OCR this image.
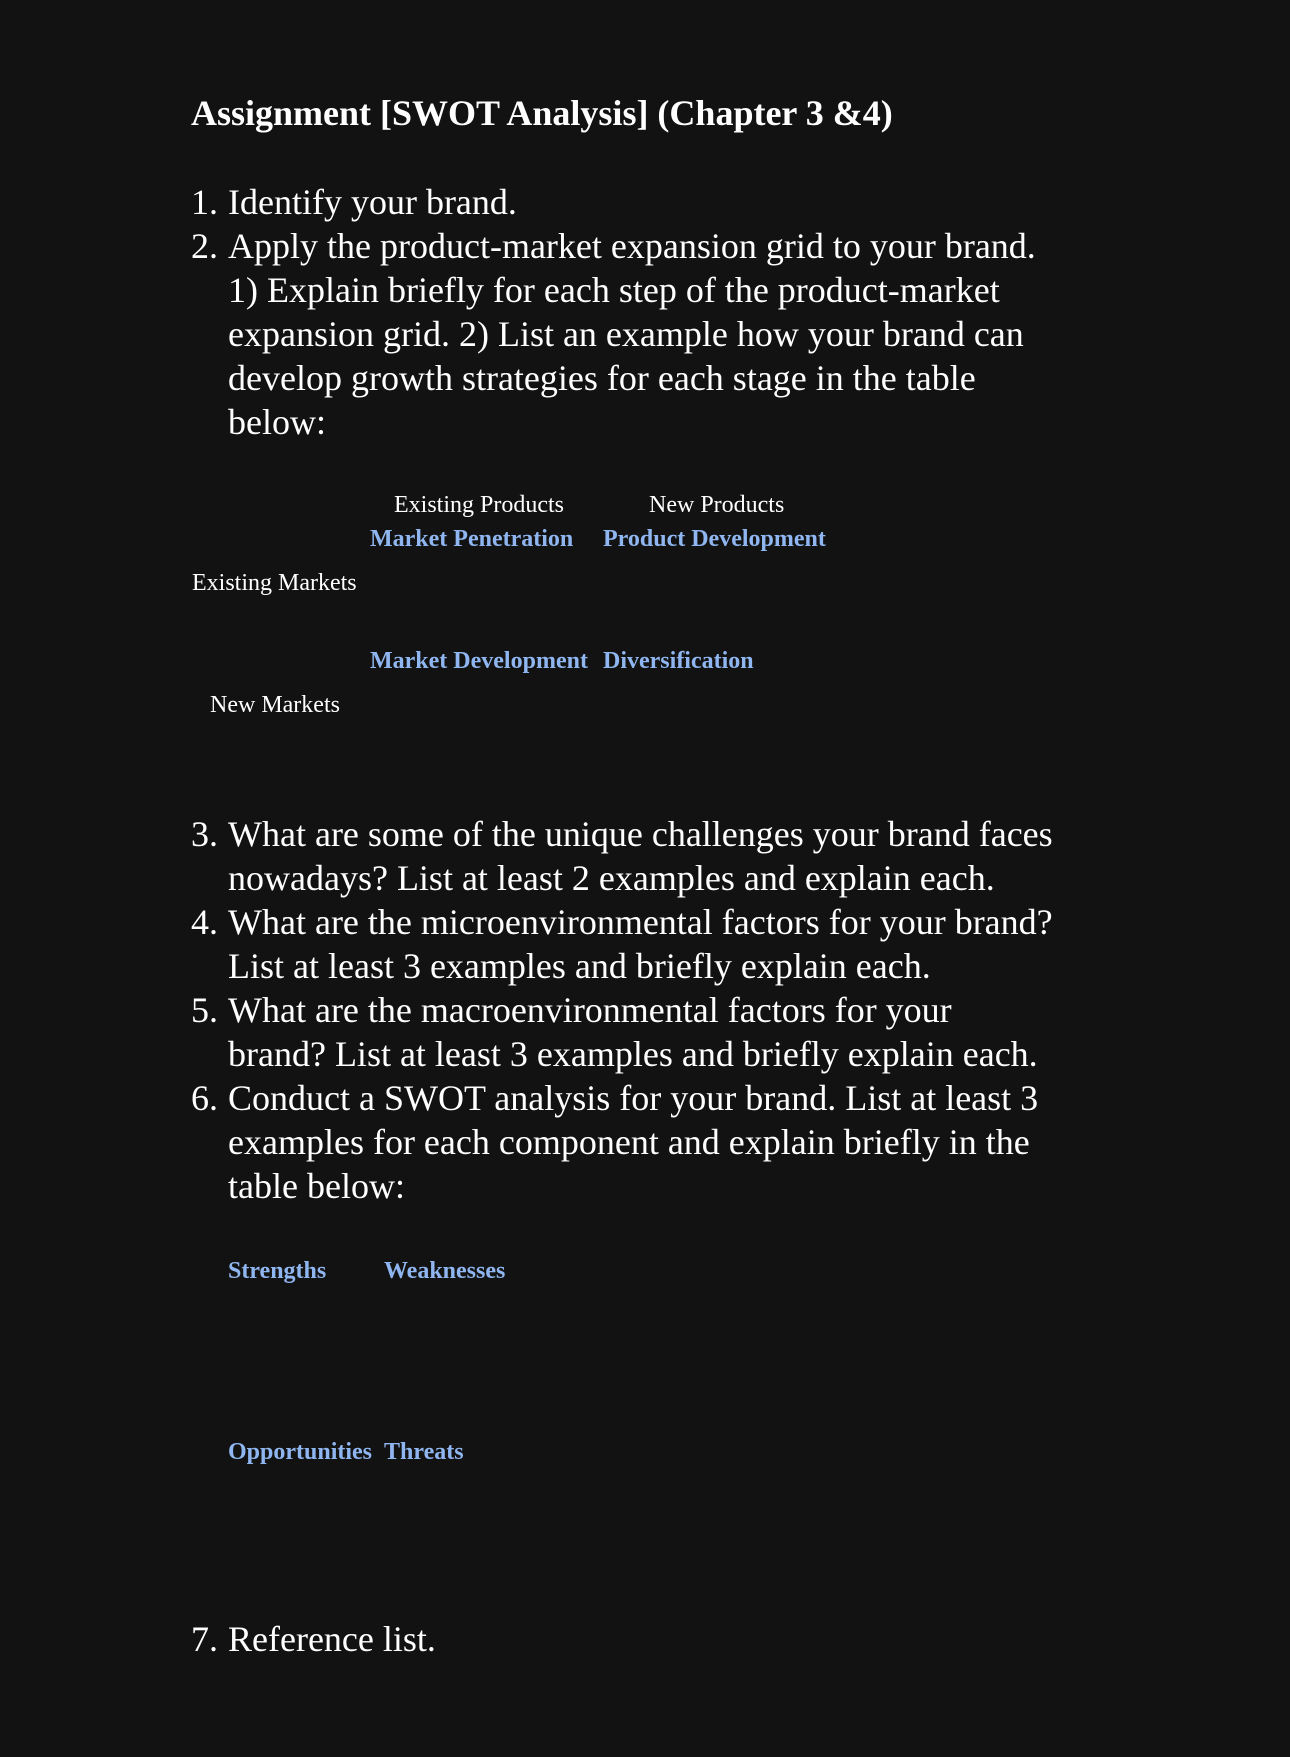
Assignment [SWOT Analysis] (Chapter 3 &4)
1. Identify your brand.
2. Apply the product-market expansion grid to your brand.
1) Explain briefly for each step of the product-market
expansion grid. 2) List an example how your brand can
develop growth strategies for each stage in the table
below:
Existing Products	New Products
Market Penetration Product Development
Existing Markets
Market Development Diversification
New Markets
3. What are some of the unique challenges your brand faces
nowadays? List at least 2 examples and explain each.
4. What are the microenvironmental factors for your brand?
List at least 3 examples and briefly explain each.
5. What are the macroenvironmental factors for your
brand? List at least 3 examples and briefly explain each.
6. Conduct a SWOT analysis for your brand. List at least 3
examples for each component and explain briefly in the
table below:
Strengths Weaknesses
Opportunities Threats
7. Reference list.
